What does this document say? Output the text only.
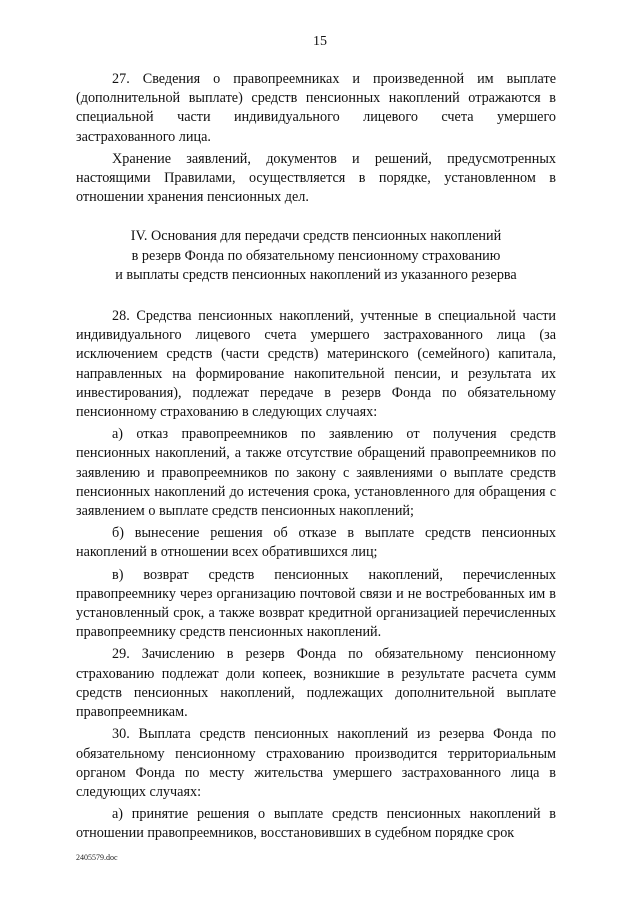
15

27. Сведения о правопреемниках и произведенной им выплате (дополнительной выплате) средств пенсионных накоплений отражаются в специальной части индивидуального лицевого счета умершего застрахованного лица.

Хранение заявлений, документов и решений, предусмотренных настоящими Правилами, осуществляется в порядке, установленном в отношении хранения пенсионных дел.

IV. Основания для передачи средств пенсионных накоплений
в резерв Фонда по обязательному пенсионному страхованию
и выплаты средств пенсионных накоплений из указанного резерва

28. Средства пенсионных накоплений, учтенные в специальной части индивидуального лицевого счета умершего застрахованного лица (за исключением средств (части средств) материнского (семейного) капитала, направленных на формирование накопительной пенсии, и результата их инвестирования), подлежат передаче в резерв Фонда по обязательному пенсионному страхованию в следующих случаях:

а) отказ правопреемников по заявлению от получения средств пенсионных накоплений, а также отсутствие обращений правопреемников по заявлению и правопреемников по закону с заявлениями о выплате средств пенсионных накоплений до истечения срока, установленного для обращения с заявлением о выплате средств пенсионных накоплений;

б) вынесение решения об отказе в выплате средств пенсионных накоплений в отношении всех обратившихся лиц;

в) возврат средств пенсионных накоплений, перечисленных правопреемнику через организацию почтовой связи и не востребованных им в установленный срок, а также возврат кредитной организацией перечисленных правопреемнику средств пенсионных накоплений.

29. Зачислению в резерв Фонда по обязательному пенсионному страхованию подлежат доли копеек, возникшие в результате расчета сумм средств пенсионных накоплений, подлежащих дополнительной выплате правопреемникам.

30. Выплата средств пенсионных накоплений из резерва Фонда по обязательному пенсионному страхованию производится территориальным органом Фонда по месту жительства умершего застрахованного лица в следующих случаях:

а) принятие решения о выплате средств пенсионных накоплений в отношении правопреемников, восстановивших в судебном порядке срок

2405579.doc
